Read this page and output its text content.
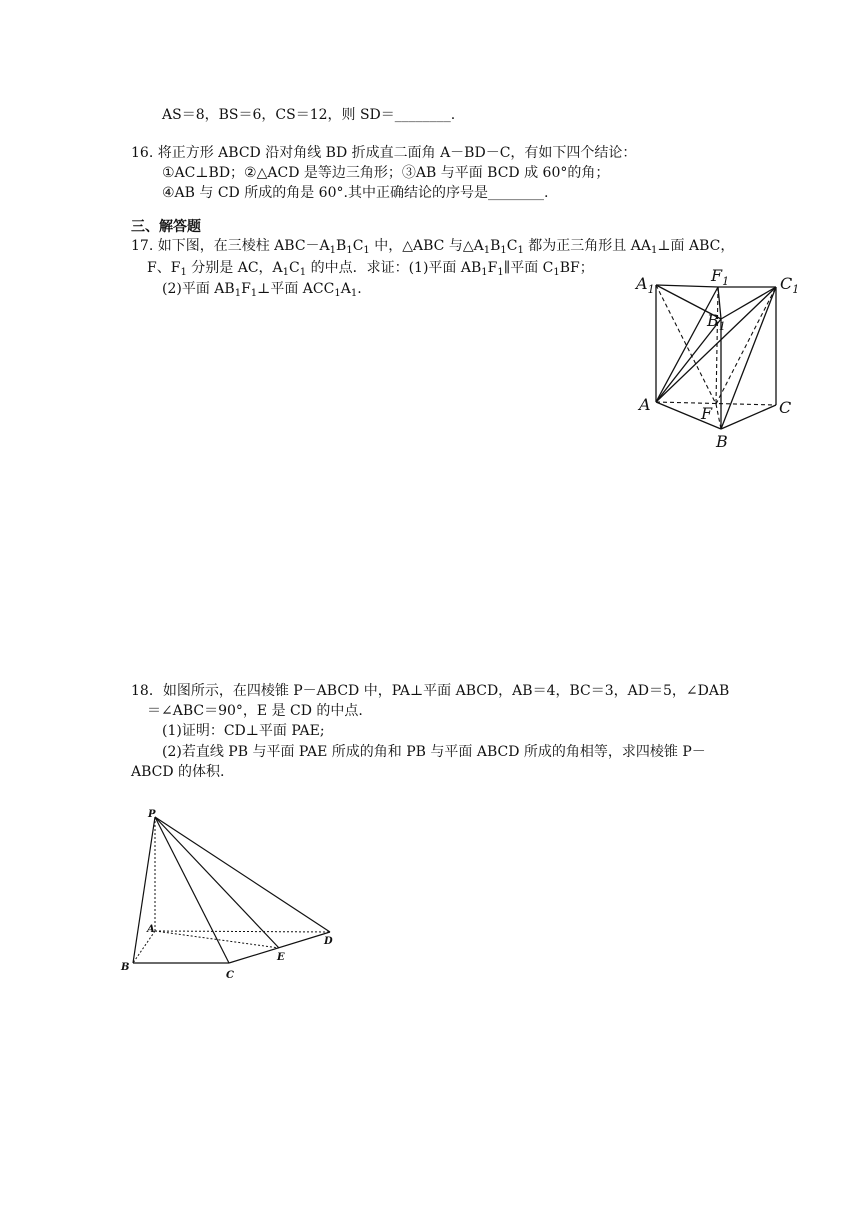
AS＝8，BS＝6，CS＝12，则 SD＝________.
16. 将正方形 ABCD 沿对角线 BD 折成直二面角 A－BD－C，有如下四个结论：
①AC⊥BD；②△ACD 是等边三角形；③AB 与平面 BCD 成 60°的角；
④AB 与 CD 所成的角是 60°.其中正确结论的序号是________.
三、解答题
17. 如下图，在三棱柱 $ABC-A_1B_1C_1$ 中，△ABC 与$\triangle A_1B_1C_1$ 都为正三角形且 $AA_1\perp$面 ABC，
F、$F_1$ 分别是 AC，$A_1C_1$ 的中点．求证：(1)平面 $AB_1F_1\parallel$平面 $C_1BF$；
(2)平面 $AB_1F_1\perp$平面 $ACC_1A_1$.	$A_1$
$F_1$	$C_1$
$B_1$
A	F	C
B
18．如图所示，在四棱锥 P－ABCD 中，PA⊥平面 ABCD，AB＝4，BC＝3，AD＝5，∠DAB
＝∠ABC＝90°，E 是 CD 的中点.
(1)证明：CD⊥平面 PAE;
(2)若直线 PB 与平面 PAE 所成的角和 PB 与平面 ABCD 所成的角相等，求四棱锥 P－
ABCD 的体积.
P
A
B
C
E
D
